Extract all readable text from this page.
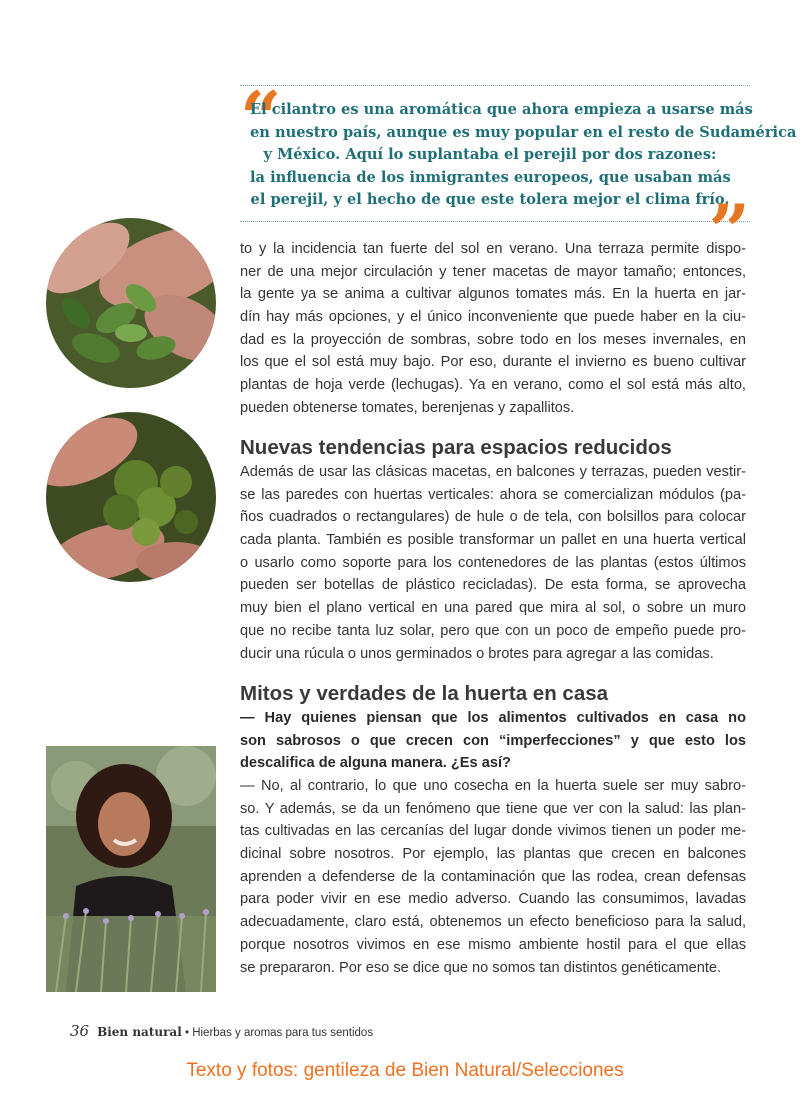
“
El cilantro es una aromática que ahora empieza a usarse más
en nuestro país, aunque es muy popular en el resto de Sudamérica
y México. Aquí lo suplantaba el perejil por dos razones:
la influencia de los inmigrantes europeos, que usaban más
el perejil, y el hecho de que este tolera mejor el clima frío.
”
to y la incidencia tan fuerte del sol en verano. Una terraza permite dispo-
ner de una mejor circulación y tener macetas de mayor tamaño; entonces,
la gente ya se anima a cultivar algunos tomates más. En la huerta en jar-
dín hay más opciones, y el único inconveniente que puede haber en la ciu-
dad es la proyección de sombras, sobre todo en los meses invernales, en
los que el sol está muy bajo. Por eso, durante el invierno es bueno cultivar
plantas de hoja verde (lechugas). Ya en verano, como el sol está más alto,
pueden obtenerse tomates, berenjenas y zapallitos.
Nuevas tendencias para espacios reducidos
Además de usar las clásicas macetas, en balcones y terrazas, pueden vestir-
se las paredes con huertas verticales: ahora se comercializan módulos (pa-
ños cuadrados o rectangulares) de hule o de tela, con bolsillos para colocar
cada planta. También es posible transformar un pallet en una huerta vertical
o usarlo como soporte para los contenedores de las plantas (estos últimos
pueden ser botellas de plástico recicladas). De esta forma, se aprovecha
muy bien el plano vertical en una pared que mira al sol, o sobre un muro
que no recibe tanta luz solar, pero que con un poco de empeño puede pro-
ducir una rúcula o unos germinados o brotes para agregar a las comidas.
Mitos y verdades de la huerta en casa
— Hay quienes piensan que los alimentos cultivados en casa no
son sabrosos o que crecen con “imperfecciones” y que esto los
descalifica de alguna manera. ¿Es así?
— No, al contrario, lo que uno cosecha en la huerta suele ser muy sabro-
so. Y además, se da un fenómeno que tiene que ver con la salud: las plan-
tas cultivadas en las cercanías del lugar donde vivimos tienen un poder me-
dicinal sobre nosotros. Por ejemplo, las plantas que crecen en balcones
aprenden a defenderse de la contaminación que las rodea, crean defensas
para poder vivir en ese medio adverso. Cuando las consumimos, lavadas
adecuadamente, claro está, obtenemos un efecto beneficioso para la salud,
porque nosotros vivimos en ese mismo ambiente hostil para el que ellas
se prepararon. Por eso se dice que no somos tan distintos genéticamente.
36 Bien natural • Hierbas y aromas para tus sentidos
Texto y fotos: gentileza de Bien Natural/Selecciones
